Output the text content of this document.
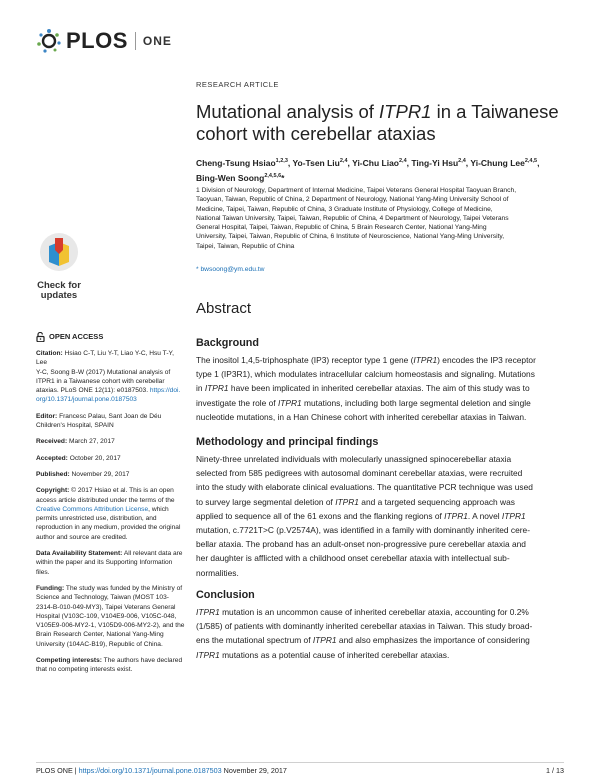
PLOS ONE
Check for
updates
OPEN ACCESS

Citation: Hsiao C-T, Liu Y-T, Liao Y-C, Hsu T-Y, Lee
Y-C, Soong B-W (2017) Mutational analysis of
ITPR1 in a Taiwanese cohort with cerebellar
ataxias. PLoS ONE 12(11): e0187503. https://doi.
org/10.1371/journal.pone.0187503

Editor: Francesc Palau, Sant Joan de Déu
Children's Hospital, SPAIN

Received: March 27, 2017

Accepted: October 20, 2017

Published: November 29, 2017

Copyright: © 2017 Hsiao et al. This is an open
access article distributed under the terms of the
Creative Commons Attribution License, which
permits unrestricted use, distribution, and
reproduction in any medium, provided the original
author and source are credited.

Data Availability Statement: All relevant data are
within the paper and its Supporting Information
files.

Funding: The study was funded by the Ministry of
Science and Technology, Taiwan (MOST 103-
2314-B-010-049-MY3), Taipei Veterans General
Hospital (V103C-109, V104E9-006, V105C-048,
V105E9-006-MY2-1, V105D9-006-MY2-2), and the
Brain Research Center, National Yang-Ming
University (104AC-B19), Republic of China.

Competing interests: The authors have declared
that no competing interests exist.

RESEARCH ARTICLE
Mutational analysis of ITPR1 in a Taiwanese
cohort with cerebellar ataxias
Cheng-Tsung Hsiao$^{1,2,3}$, Yo-Tsen Liu$^{2,4}$, Yi-Chu Liao$^{2,4}$, Ting-Yi Hsu$^{2,4}$, Yi-Chung Lee$^{2,4,5}$,
Bing-Wen Soong$^{2,4,5,6}$*
1 Division of Neurology, Department of Internal Medicine, Taipei Veterans General Hospital Taoyuan Branch,
Taoyuan, Taiwan, Republic of China, 2 Department of Neurology, National Yang-Ming University School of
Medicine, Taipei, Taiwan, Republic of China, 3 Graduate Institute of Physiology, College of Medicine,
National Taiwan University, Taipei, Taiwan, Republic of China, 4 Department of Neurology, Taipei Veterans
General Hospital, Taipei, Taiwan, Republic of China, 5 Brain Research Center, National Yang-Ming
University, Taipei, Taiwan, Republic of China, 6 Institute of Neuroscience, National Yang-Ming University,
Taipei, Taiwan, Republic of China
* bwsoong@ym.edu.tw
Abstract
Background
The inositol 1,4,5-triphosphate (IP3) receptor type 1 gene (ITPR1) encodes the IP3 receptor
type 1 (IP3R1), which modulates intracellular calcium homeostasis and signaling. Mutations
in ITPR1 have been implicated in inherited cerebellar ataxias. The aim of this study was to
investigate the role of ITPR1 mutations, including both large segmental deletion and single
nucleotide mutations, in a Han Chinese cohort with inherited cerebellar ataxias in Taiwan.
Methodology and principal findings
Ninety-three unrelated individuals with molecularly unassigned spinocerebellar ataxia
selected from 585 pedigrees with autosomal dominant cerebellar ataxias, were recruited
into the study with elaborate clinical evaluations. The quantitative PCR technique was used
to survey large segmental deletion of ITPR1 and a targeted sequencing approach was
applied to sequence all of the 61 exons and the flanking regions of ITPR1. A novel ITPR1
mutation, c.7721T>C (p.V2574A), was identified in a family with dominantly inherited cere-
bellar ataxia. The proband has an adult-onset non-progressive pure cerebellar ataxia and
her daughter is afflicted with a childhood onset cerebellar ataxia with intellectual sub-
normalities.
Conclusion
ITPR1 mutation is an uncommon cause of inherited cerebellar ataxia, accounting for 0.2%
(1/585) of patients with dominantly inherited cerebellar ataxias in Taiwan. This study broad-
ens the mutational spectrum of ITPR1 and also emphasizes the importance of considering
ITPR1 mutations as a potential cause of inherited cerebellar ataxias.
PLOS ONE | https://doi.org/10.1371/journal.pone.0187503 November 29, 2017	1 / 13
